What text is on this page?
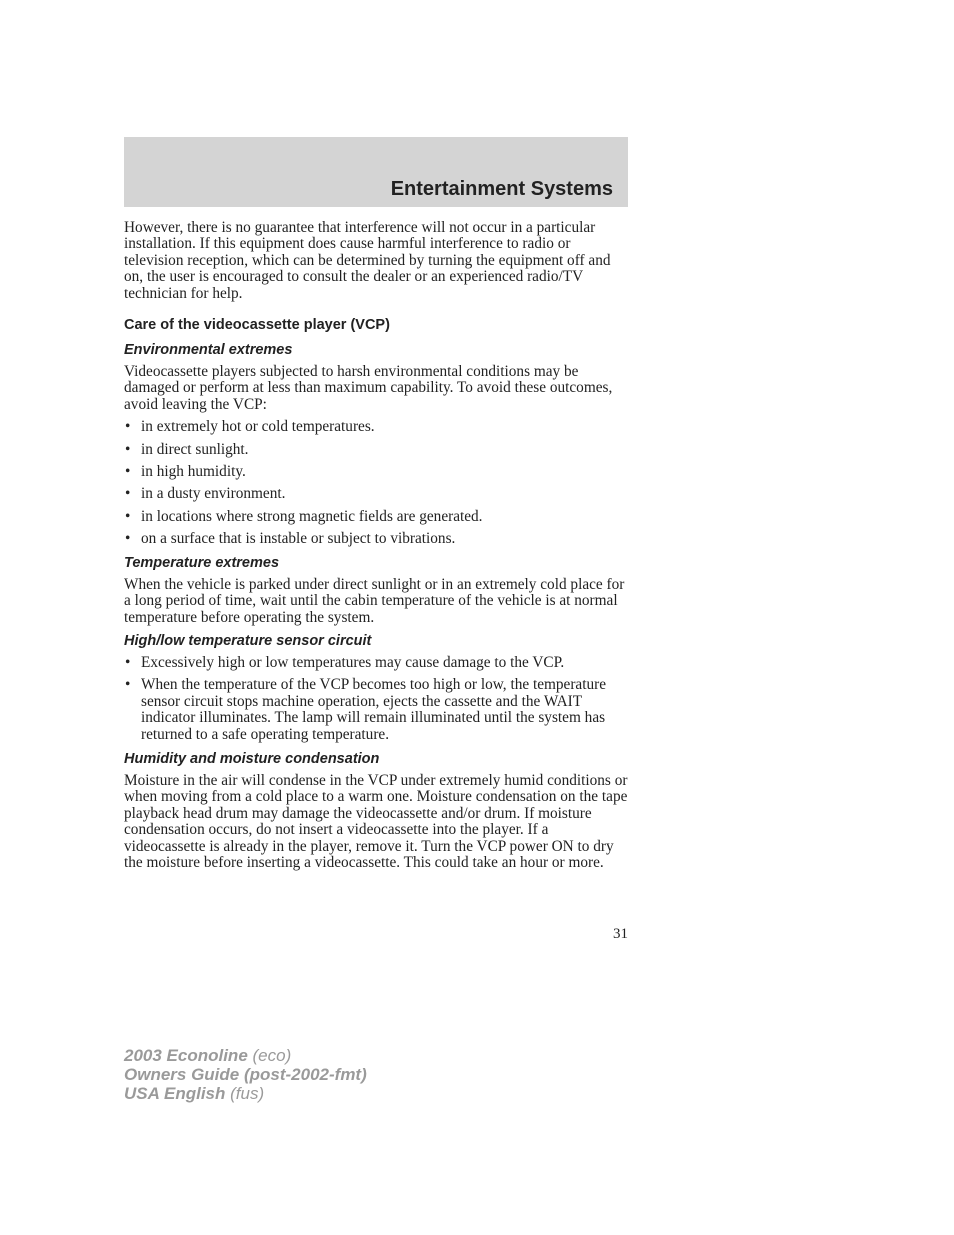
Entertainment Systems

However, there is no guarantee that interference will not occur in a particular installation. If this equipment does cause harmful interference to radio or television reception, which can be determined by turning the equipment off and on, the user is encouraged to consult the dealer or an experienced radio/TV technician for help.

Care of the videocassette player (VCP)
Environmental extremes

Videocassette players subjected to harsh environmental conditions may be damaged or perform at less than maximum capability. To avoid these outcomes, avoid leaving the VCP:

• in extremely hot or cold temperatures.
• in direct sunlight.
• in high humidity.
• in a dusty environment.
• in locations where strong magnetic fields are generated.
• on a surface that is instable or subject to vibrations.
Temperature extremes

When the vehicle is parked under direct sunlight or in an extremely cold place for a long period of time, wait until the cabin temperature of the vehicle is at normal temperature before operating the system.

High/low temperature sensor circuit
• Excessively high or low temperatures may cause damage to the VCP.
• When the temperature of the VCP becomes too high or low, the temperature sensor circuit stops machine operation, ejects the cassette and the WAIT indicator illuminates. The lamp will remain illuminated until the system has returned to a safe operating temperature.
Humidity and moisture condensation

Moisture in the air will condense in the VCP under extremely humid conditions or when moving from a cold place to a warm one. Moisture condensation on the tape playback head drum may damage the videocassette and/or drum. If moisture condensation occurs, do not insert a videocassette into the player. If a videocassette is already in the player, remove it. Turn the VCP power ON to dry the moisture before inserting a videocassette. This could take an hour or more.

31
2003 Econoline (eco)
Owners Guide (post-2002-fmt)
USA English (fus)
